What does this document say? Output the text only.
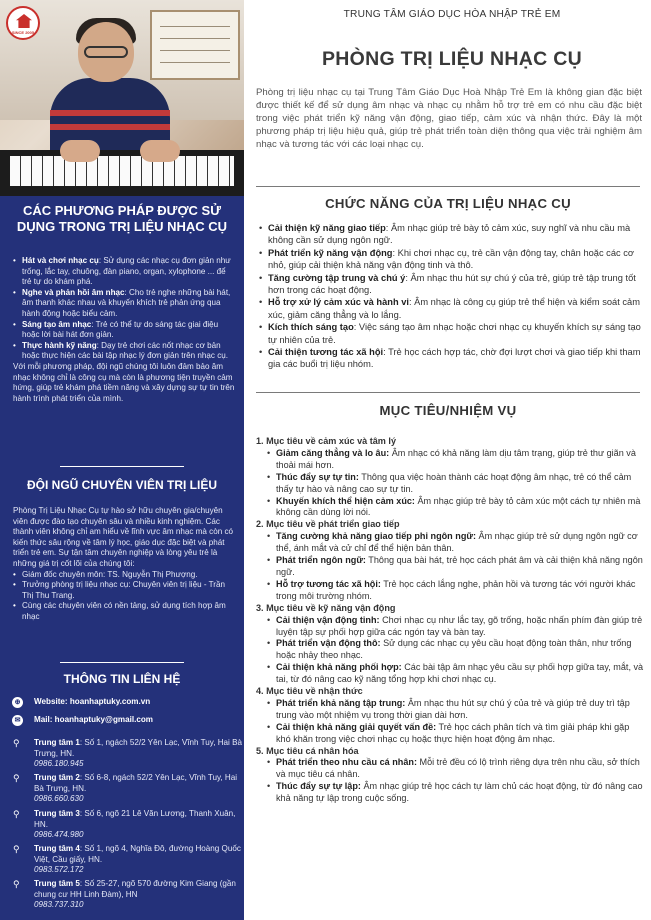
SINCE 2005
CÁC PHƯƠNG PHÁP ĐƯỢC SỬ DỤNG TRONG TRỊ LIỆU NHẠC CỤ
• Hát và chơi nhạc cụ: Sử dụng các nhạc cụ đơn giản như trống, lắc tay, chuông, đàn piano, organ, xylophone ... để trẻ tự do khám phá.
• Nghe và phản hồi âm nhạc: Cho trẻ nghe những bài hát, âm thanh khác nhau và khuyến khích trẻ phản ứng qua hành động hoặc biểu cảm.
• Sáng tạo âm nhạc: Trẻ có thể tự do sáng tác giai điệu hoặc lời bài hát đơn giản.
• Thực hành kỹ năng: Dạy trẻ chơi các nốt nhạc cơ bản hoặc thực hiện các bài tập nhạc lý đơn giản trên nhạc cụ.

Với mỗi phương pháp, đội ngũ chúng tôi luôn đảm bảo âm nhạc không chỉ là công cụ mà còn là phương tiện truyền cảm hứng, giúp trẻ khám phá tiềm năng và xây dựng sự tự tin trên hành trình phát triển của mình.

ĐỘI NGŨ CHUYÊN VIÊN TRỊ LIỆU

Phòng Trị Liệu Nhạc Cụ tự hào sở hữu chuyên gia/chuyên viên được đào tạo chuyên sâu và nhiều kinh nghiệm. Các thành viên không chỉ am hiểu về lĩnh vực âm nhạc mà còn có kiến thức sâu rộng về tâm lý học, giáo dục đặc biệt và phát triển trẻ em. Sự tận tâm chuyên nghiệp và lòng yêu trẻ là những giá trị cốt lõi của chúng tôi:

• Giám đốc chuyên môn: TS. Nguyễn Thị Phượng.
• Trưởng phòng trị liệu nhạc cụ: Chuyên viên trị liệu - Trần Thị Thu Trang.
• Cùng các chuyên viên có nền tảng, sử dụng tích hợp âm nhạc
THÔNG TIN LIÊN HỆ
⊕	Website: hoanhaptuky.com.vn
✉	Mail: hoanhaptuky@gmail.com
⚲ Trung tâm 1: Số 1, ngách 52/2 Yên Lạc, Vĩnh Tuy, Hai Bà Trưng, HN.
0986.180.945
⚲ Trung tâm 2: Số 6-8, ngách 52/2 Yên Lạc, Vĩnh Tuy, Hai Bà Trưng, HN.
0986.660.630
⚲ Trung tâm 3: Số 6, ngõ 21 Lê Văn Lương, Thanh Xuân, HN.
0986.474.980
⚲ Trung tâm 4: Số 1, ngõ 4, Nghĩa Đô, đường Hoàng Quốc Việt, Cầu giấy, HN.
0983.572.172
⚲ Trung tâm 5: Số 25-27, ngõ 570 đường Kim Giang (gần chung cư HH Linh Đàm), HN
0983.737.310
TRUNG TÂM GIÁO DỤC HÒA NHẬP TRẺ EM
PHÒNG TRỊ LIỆU NHẠC CỤ

Phòng trị liệu nhạc cụ tại Trung Tâm Giáo Dục Hoà Nhập Trẻ Em là không gian đặc biệt được thiết kế để sử dụng âm nhạc và nhạc cụ nhằm hỗ trợ trẻ em có nhu cầu đặc biệt trong việc phát triển kỹ năng vận động, giao tiếp, cảm xúc và nhận thức. Đây là một phương pháp trị liệu hiệu quả, giúp trẻ phát triển toàn diện thông qua việc trải nghiệm âm nhạc và tương tác với các loại nhạc cụ.

CHỨC NĂNG CỦA TRỊ LIỆU NHẠC CỤ
• Cải thiện kỹ năng giao tiếp: Âm nhạc giúp trẻ bày tỏ cảm xúc, suy nghĩ và nhu cầu mà không cần sử dụng ngôn ngữ.
• Phát triển kỹ năng vận động: Khi chơi nhạc cụ, trẻ cần vận động tay, chân hoặc các cơ nhỏ, giúp cải thiện khả năng vận động tinh và thô.
• Tăng cường tập trung và chú ý: Âm nhạc thu hút sự chú ý của trẻ, giúp trẻ tập trung tốt hơn trong các hoạt động.
• Hỗ trợ xử lý cảm xúc và hành vi: Âm nhạc là công cụ giúp trẻ thể hiện và kiểm soát cảm xúc, giảm căng thẳng và lo lắng.
• Kích thích sáng tạo: Việc sáng tạo âm nhạc hoặc chơi nhạc cụ khuyến khích sự sáng tạo tự nhiên của trẻ.
• Cải thiện tương tác xã hội: Trẻ học cách hợp tác, chờ đợi lượt chơi và giao tiếp khi tham gia các buổi trị liệu nhóm.
MỤC TIÊU/NHIỆM VỤ
1. Mục tiêu về cảm xúc và tâm lý
• Giảm căng thẳng và lo âu: Âm nhạc có khả năng làm dịu tâm trạng, giúp trẻ thư giãn và thoải mái hơn.
• Thúc đẩy sự tự tin: Thông qua việc hoàn thành các hoạt động âm nhạc, trẻ có thể cảm thấy tự hào và nâng cao sự tự tin.
• Khuyến khích thể hiện cảm xúc: Âm nhạc giúp trẻ bày tỏ cảm xúc một cách tự nhiên mà không cần dùng lời nói.
2. Mục tiêu về phát triển giao tiếp
• Tăng cường khả năng giao tiếp phi ngôn ngữ: Âm nhạc giúp trẻ sử dụng ngôn ngữ cơ thể, ánh mắt và cử chỉ để thể hiện bản thân.
• Phát triển ngôn ngữ: Thông qua bài hát, trẻ học cách phát âm và cải thiện khả năng ngôn ngữ.
• Hỗ trợ tương tác xã hội: Trẻ học cách lắng nghe, phản hồi và tương tác với người khác trong môi trường nhóm.
3. Mục tiêu về kỹ năng vận động
• Cải thiện vận động tinh: Chơi nhạc cụ như lắc tay, gõ trống, hoặc nhấn phím đàn giúp trẻ luyện tập sự phối hợp giữa các ngón tay và bàn tay.
• Phát triển vận động thô: Sử dụng các nhạc cụ yêu cầu hoạt động toàn thân, như trống hoặc nhảy theo nhạc.
• Cải thiện khả năng phối hợp: Các bài tập âm nhạc yêu cầu sự phối hợp giữa tay, mắt, và tai, từ đó nâng cao kỹ năng tổng hợp khi chơi nhạc cụ.
4. Mục tiêu về nhận thức
• Phát triển khả năng tập trung: Âm nhạc thu hút sự chú ý của trẻ và giúp trẻ duy trì tập trung vào một nhiệm vụ trong thời gian dài hơn.
• Cải thiện khả năng giải quyết vấn đề: Trẻ học cách phân tích và tìm giải pháp khi gặp khó khăn trong việc chơi nhạc cụ hoặc thực hiện hoạt động âm nhạc.
5. Mục tiêu cá nhân hóa
• Phát triển theo nhu cầu cá nhân: Mỗi trẻ đều có lộ trình riêng dựa trên nhu cầu, sở thích và mục tiêu cá nhân.
• Thúc đẩy sự tự lập: Âm nhạc giúp trẻ học cách tự làm chủ các hoạt động, từ đó nâng cao khả năng tự lập trong cuộc sống.
